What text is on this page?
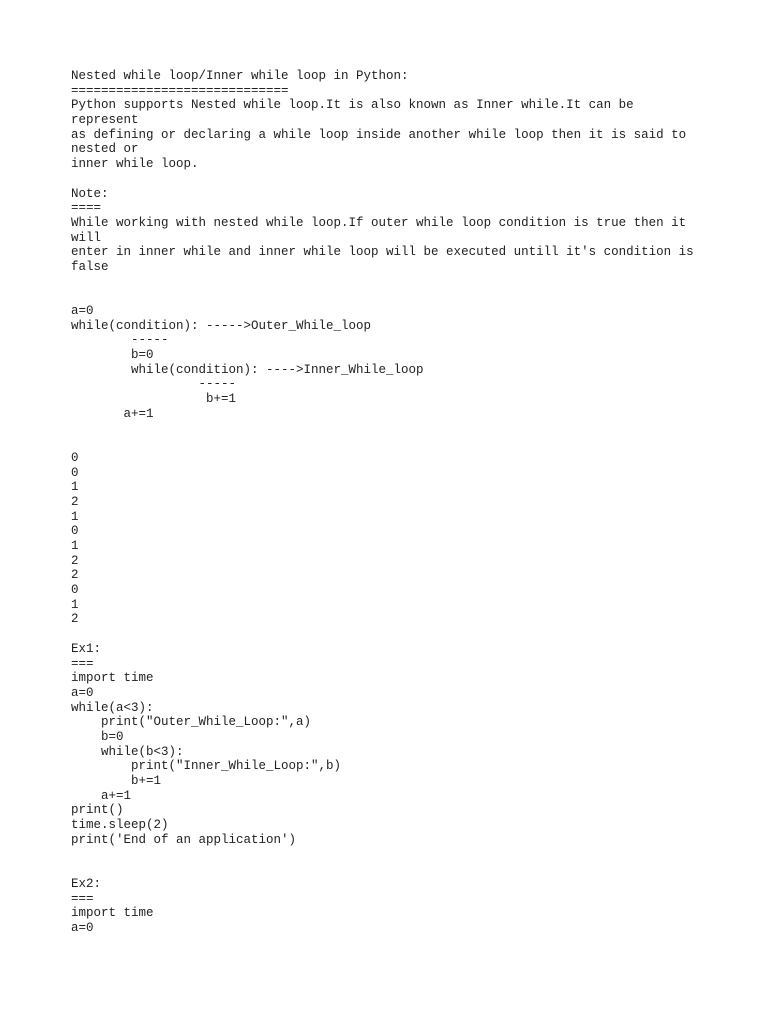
Nested while loop/Inner while loop in Python:
=============================
Python supports Nested while loop.It is also known as Inner while.It can be
represent
as defining or declaring a while loop inside another while loop then it is said to
nested or
inner while loop.
Note:
====
While working with nested while loop.If outer while loop condition is true then it
will
enter in inner while and inner while loop will be executed untill it's condition is
false
a=0
while(condition): ----->Outer_While_loop
-----
b=0
while(condition): ---->Inner_While_loop
-----
b+=1
a+=1
0
0
1
2
1
0
1
2
2
0
1
2
Ex1:
===
import time
a=0
while(a<3):
print("Outer_While_Loop:",a)
b=0
while(b<3):
print("Inner_While_Loop:",b)
b+=1
a+=1
print()
time.sleep(2)
print('End of an application')
Ex2:
===
import time
a=0
